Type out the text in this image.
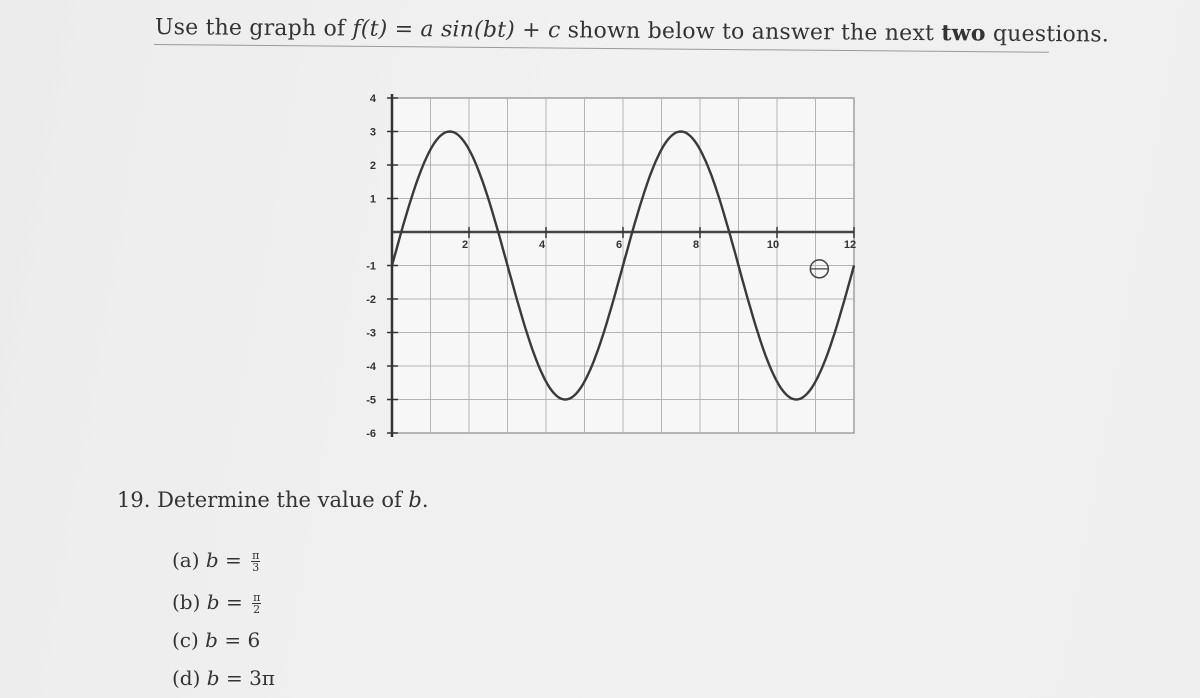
Use the graph of f(t) = a sin(bt) + c shown below to answer the next two questions.
4
3
2
1
-1
-2
-3
-4
-5
-6
2	4	6	8	10	12
19. Determine the value of b.
(a) $b = \frac{\pi}{3}$
(b) $b = \frac{\pi}{2}$
(c) b = 6
(d) b = 3π
